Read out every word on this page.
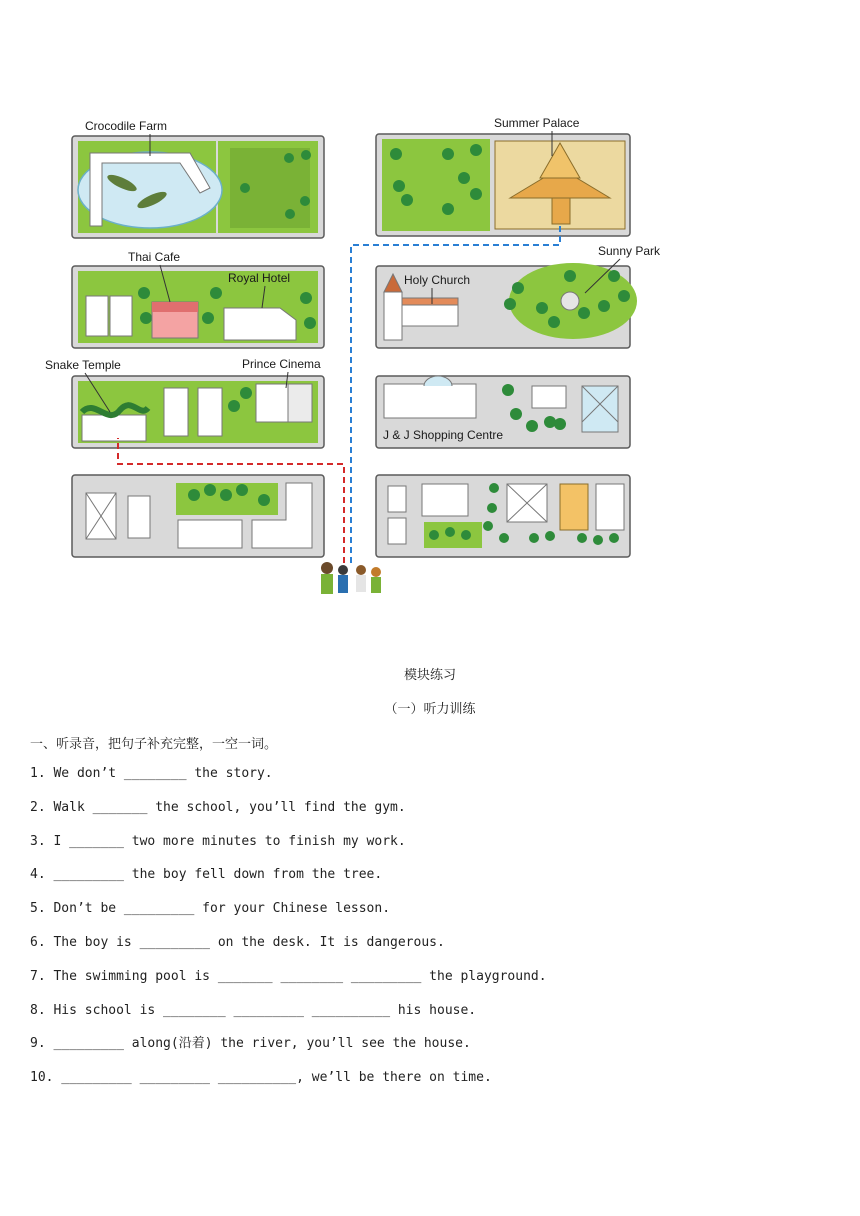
Crocodile Farm	Summer Palace
Thai Cafe	Sunny Park
Royal Hotel	Holy Church
Snake Temple	Prince Cinema
J & J Shopping Centre
模块练习
（一）听力训练
一、听录音，把句子补充完整，一空一词。
1. We don’t ________ the story.
2. Walk _______ the school, you’ll find the gym.
3. I _______ two more minutes to finish my work.
4. _________ the boy fell down from the tree.
5. Don’t be _________ for your Chinese lesson.
6. The boy is _________ on the desk. It is dangerous.
7. The swimming pool is _______ ________ _________ the playground.
8. His school is ________ _________ __________ his house.
9. _________ along(沿着) the river, you’ll see the house.
10. _________ _________ __________, we’ll be there on time.
